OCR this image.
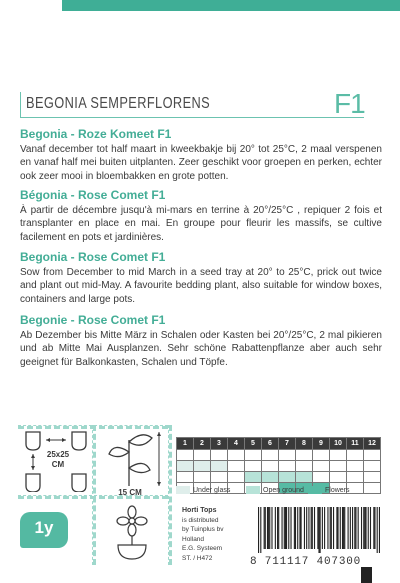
BEGONIA SEMPERFLORENS	F1
Begonia - Roze Komeet F1

Vanaf december tot half maart in kweekbakje bij 20° tot 25°C, 2 maal verspenen en vanaf half mei buiten uitplanten. Zeer geschikt voor groepen en perken, echter ook zeer mooi in bloembakken en grote potten.

Bégonia - Rose Comet F1

À partir de décembre jusqu'à mi-mars en terrine à 20°/25°C , repiquer 2 fois et transplanter en place en mai. En groupe pour fleurir les massifs, se cultive facilement en pots et jardinières.

Begonia - Rose Comet F1

Sow from December to mid March in a seed tray at 20° to 25°C, prick out twice and plant out mid-May. A favourite bedding plant, also suitable for window boxes, containers and large pots.

Begonie - Rose Comet F1

Ab Dezember bis Mitte März in Schalen oder Kasten bei 20°/25°C, 2 mal pikieren und ab Mitte Mai Ausplanzen. Sehr schöne Rabattenpflanze aber auch sehr geeignet für Balkonkasten, Schalen und Töpfe.

25x25
CM
15 CM
1y
1	2	3	4	5	6	7	8	9	10	11	12

Under glass	Open ground	Flowers
Horti Tops
is distributed
by Tuinplus bv
Holland
E.G. Systeem
ST. / H472	8 711117 407300
